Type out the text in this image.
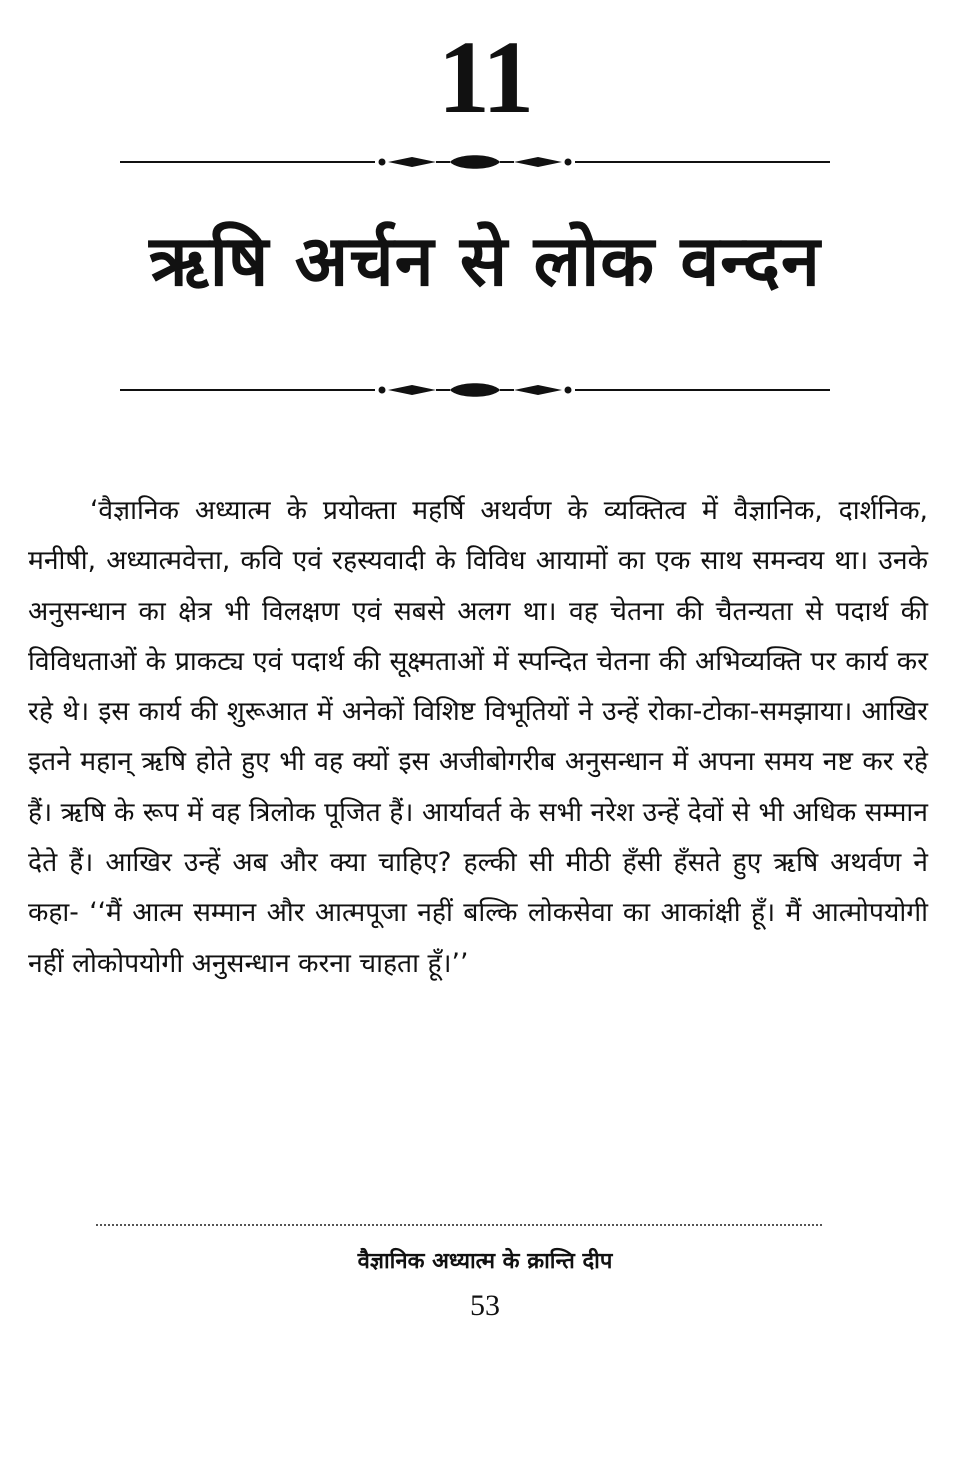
11
ऋषि अर्चन से लोक वन्दन

‘वैज्ञानिक अध्यात्म के प्रयोक्ता महर्षि अथर्वण के व्यक्तित्व में वैज्ञानिक, दार्शनिक, मनीषी, अध्यात्मवेत्ता, कवि एवं रहस्यवादी के विविध आयामों का एक साथ समन्वय था। उनके अनुसन्धान का क्षेत्र भी विलक्षण एवं सबसे अलग था। वह चेतना की चैतन्यता से पदार्थ की विविधताओं के प्राकट्य एवं पदार्थ की सूक्ष्मताओं में स्पन्दित चेतना की अभिव्यक्ति पर कार्य कर रहे थे। इस कार्य की शुरूआत में अनेकों विशिष्ट विभूतियों ने उन्हें रोका-टोका-समझाया। आखिर इतने महान् ऋषि होते हुए भी वह क्यों इस अजीबोगरीब अनुसन्धान में अपना समय नष्ट कर रहे हैं। ऋषि के रूप में वह त्रिलोक पूजित हैं। आर्यावर्त के सभी नरेश उन्हें देवों से भी अधिक सम्मान देते हैं। आखिर उन्हें अब और क्या चाहिए? हल्की सी मीठी हँसी हँसते हुए ऋषि अथर्वण ने कहा- ‘‘मैं आत्म सम्मान और आत्मपूजा नहीं बल्कि लोकसेवा का आकांक्षी हूँ। मैं आत्मोपयोगी नहीं लोकोपयोगी अनुसन्धान करना चाहता हूँ।’’

वैज्ञानिक अध्यात्म के क्रान्ति दीप
53
